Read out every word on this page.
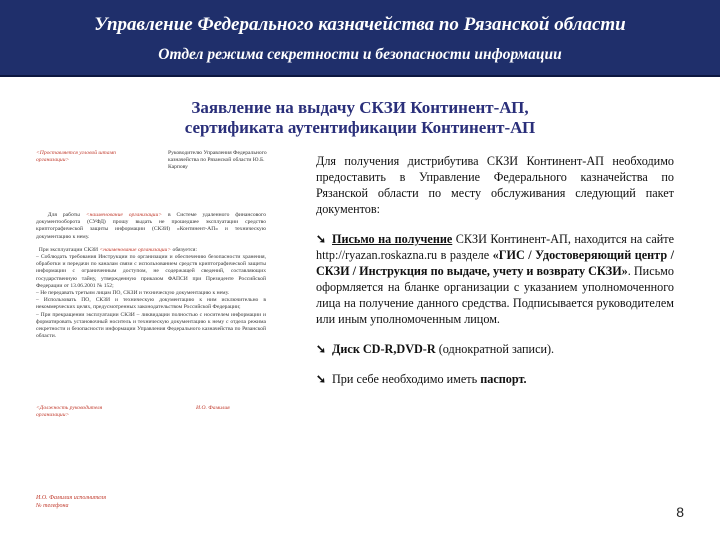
Управление Федерального казначейства по Рязанской области
Отдел режима секретности и безопасности информации
Заявление на выдачу СКЗИ Континент-АП,
сертификата аутентификации Континент-АП
<Проставляется угловой штамп организации>
Руководителю Управления Федерального казначейства по Рязанской области Ю.Б. Карпову
Для работы <наименование организации> в Системе удаленного финансового документооборота (СУФД) прошу выдать не прошедшее эксплуатации средство криптографической защиты информации (СКЗИ) «Континент-АП» и техническую документацию к нему.
При эксплуатации СКЗИ <наименование организации> обязуется:
– Соблюдать требования Инструкции по организации и обеспечению безопасности хранения, обработки и передачи по каналам связи с использованием средств криптографической защиты информации с ограниченным доступом, не содержащей сведений, составляющих государственную тайну, утвержденную приказом ФАПСИ при Президенте Российской Федерации от 13.06.2001 № 152;
– Не передавать третьим лицам ПО, СКЗИ и техническую документацию к нему.
– Использовать ПО, СКЗИ и техническую документацию к ним исключительно в некоммерческих целях, предусмотренных законодательством Российской Федерации;
– При прекращении эксплуатации СКЗИ – ликвидации полностью с носителем информации и форматировать установочный носитель и техническую документацию к нему с отдела режима секретности и безопасности информации Управления Федерального казначейства по Рязанской области.
<Должность руководителя организации>
И.О. Фамилия
И.О. Фамилия исполнителя
№ телефона

Для получения дистрибутива СКЗИ Континент-АП необходимо предоставить в Управление Федерального казначейства по Рязанской области по месту обслуживания следующий пакет документов:

➘ Письмо на получение СКЗИ Континент-АП, находится на сайте http://ryazan.roskazna.ru в разделе «ГИС / Удостоверяющий центр / СКЗИ / Инструкция по выдаче, учету и возврату СКЗИ». Письмо оформляется на бланке организации с указанием уполномоченного лица на получение данного средства. Подписывается руководителем или иным уполномоченным лицом.

➘ Диск CD-R,DVD-R (однократной записи).

➘ При себе необходимо иметь паспорт.

8
